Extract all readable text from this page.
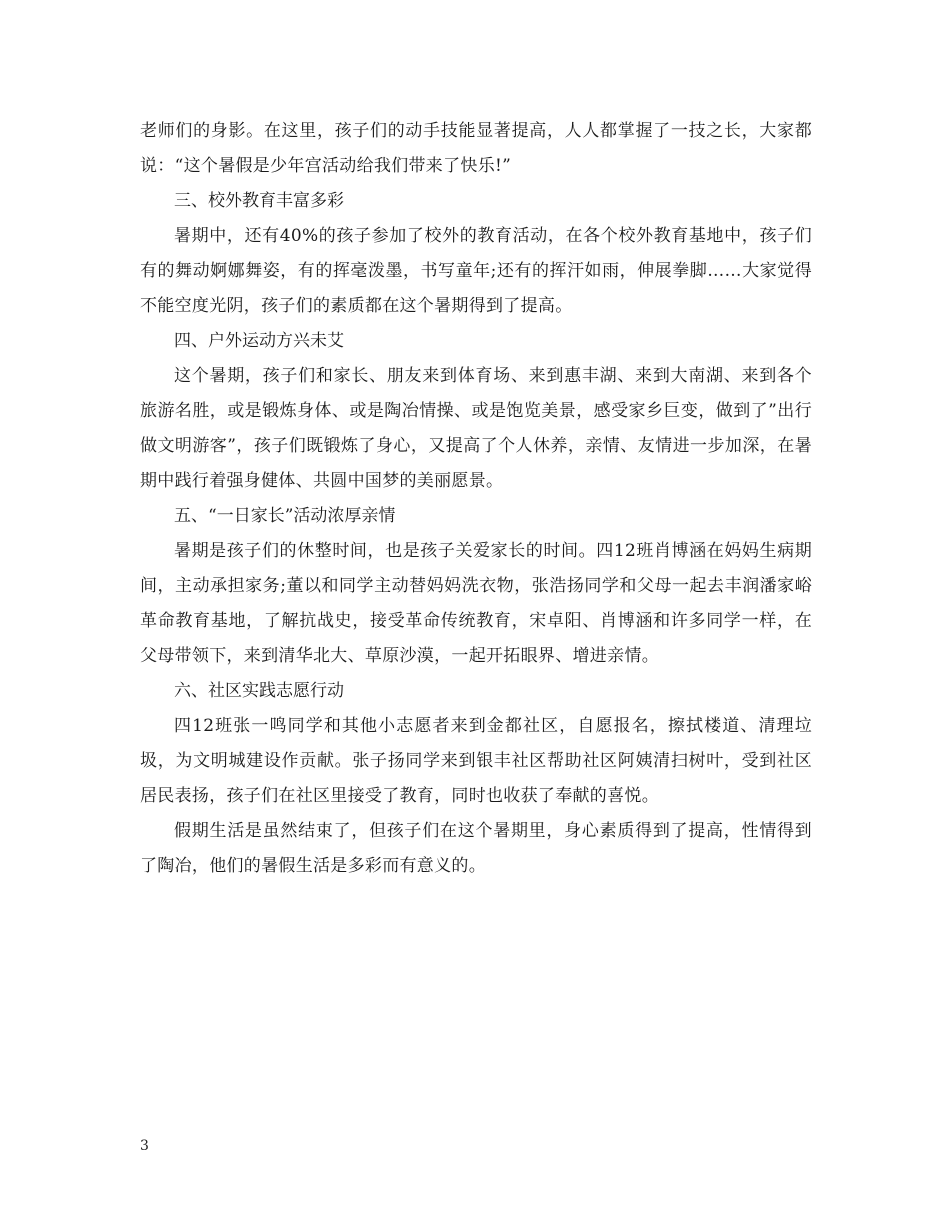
老师们的身影。在这里，孩子们的动手技能显著提高，人人都掌握了一技之长，大家都说：“这个暑假是少年宫活动给我们带来了快乐!”

三、校外教育丰富多彩

暑期中，还有40%的孩子参加了校外的教育活动，在各个校外教育基地中，孩子们有的舞动婀娜舞姿，有的挥毫泼墨，书写童年;还有的挥汗如雨，伸展拳脚……大家觉得不能空度光阴，孩子们的素质都在这个暑期得到了提高。

四、户外运动方兴未艾

这个暑期，孩子们和家长、朋友来到体育场、来到惠丰湖、来到大南湖、来到各个旅游名胜，或是锻炼身体、或是陶冶情操、或是饱览美景，感受家乡巨变，做到了”出行做文明游客”，孩子们既锻炼了身心，又提高了个人休养，亲情、友情进一步加深，在暑期中践行着强身健体、共圆中国梦的美丽愿景。

五、“一日家长”活动浓厚亲情

暑期是孩子们的休整时间，也是孩子关爱家长的时间。四12班肖博涵在妈妈生病期间，主动承担家务;董以和同学主动替妈妈洗衣物，张浩扬同学和父母一起去丰润潘家峪革命教育基地，了解抗战史，接受革命传统教育，宋卓阳、肖博涵和许多同学一样，在父母带领下，来到清华北大、草原沙漠，一起开拓眼界、增进亲情。

六、社区实践志愿行动

四12班张一鸣同学和其他小志愿者来到金都社区，自愿报名，擦拭楼道、清理垃圾，为文明城建设作贡献。张子扬同学来到银丰社区帮助社区阿姨清扫树叶，受到社区居民表扬，孩子们在社区里接受了教育，同时也收获了奉献的喜悦。

假期生活是虽然结束了，但孩子们在这个暑期里，身心素质得到了提高，性情得到了陶冶，他们的暑假生活是多彩而有意义的。

3
